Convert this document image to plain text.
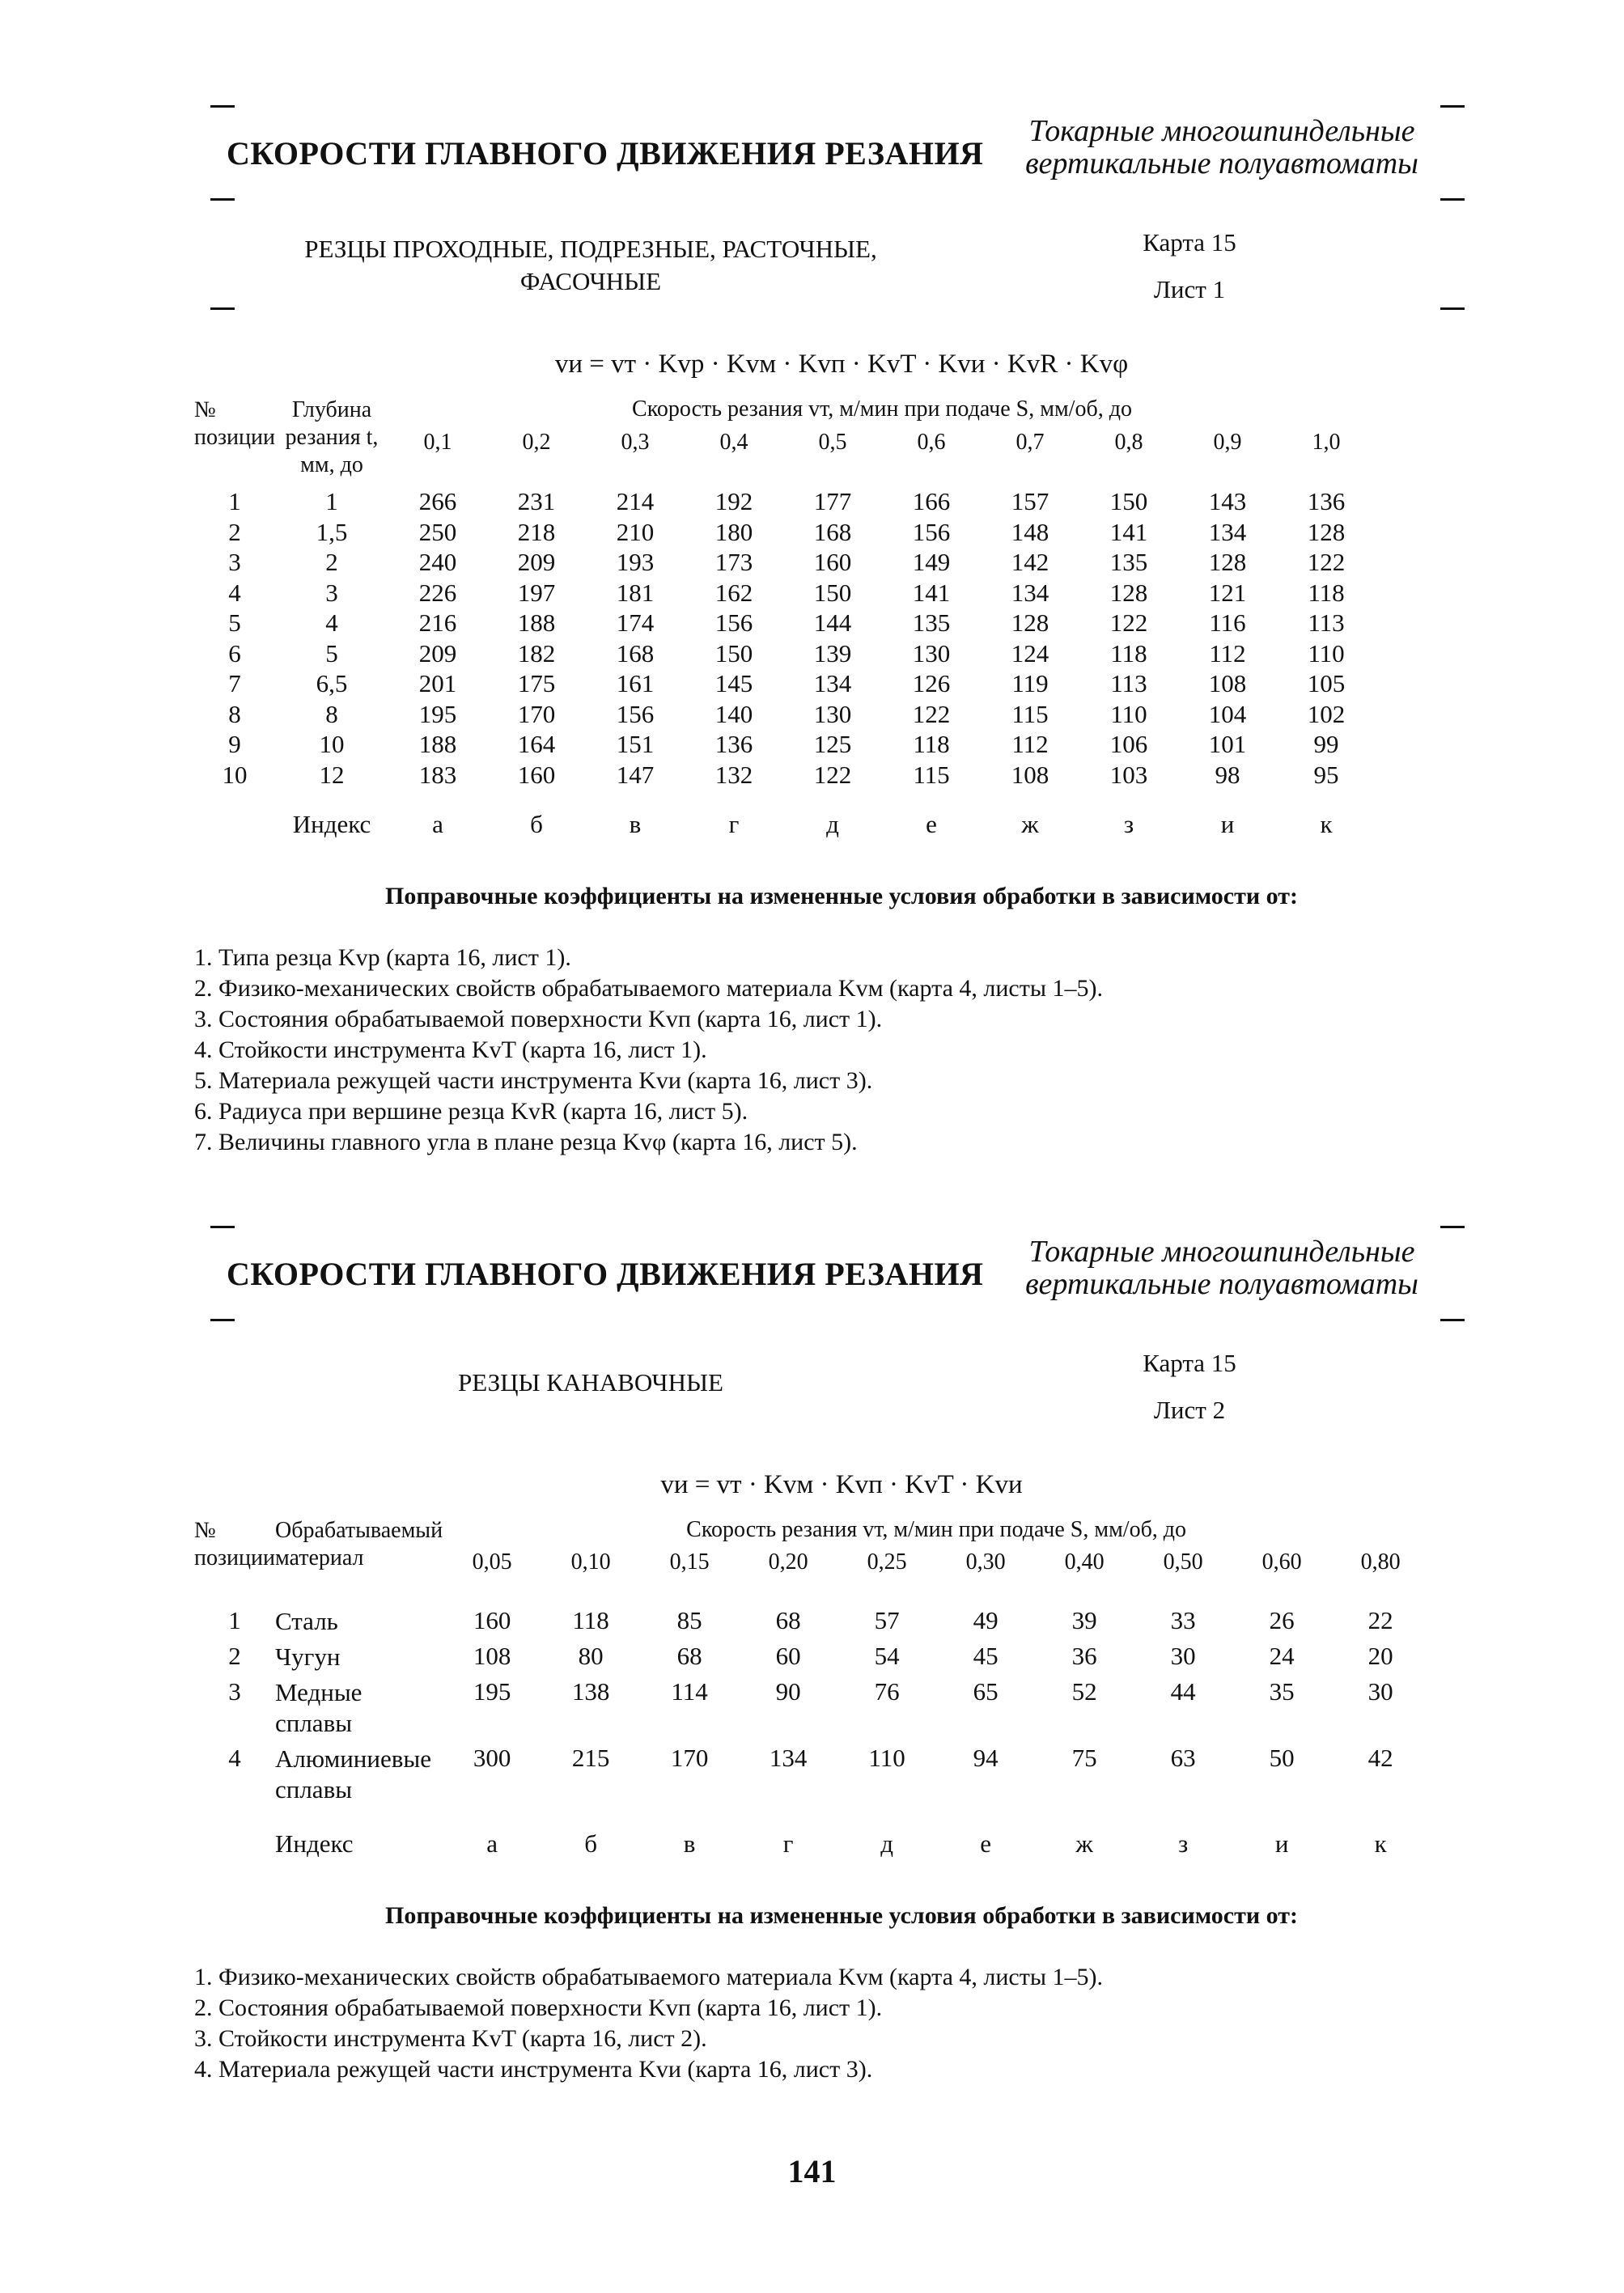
СКОРОСТИ ГЛАВНОГО ДВИЖЕНИЯ РЕЗАНИЯ
Токарные многошпиндельные вертикальные полуавтоматы
РЕЗЦЫ ПРОХОДНЫЕ, ПОДРЕЗНЫЕ, РАСТОЧНЫЕ, ФАСОЧНЫЕ
Карта 15
Лист 1
vи = vт · Kvp · Kvм · Kvп · KvT · Kvи · KvR · Kvφ
№ позиции	Глубина резания t, мм, до	Скорость резания vт, м/мин при подаче S, мм/об, до									
		0,1	0,2	0,3	0,4	0,5	0,6	0,7	0,8	0,9	1,0
1	1	266	231	214	192	177	166	157	150	143	136
2	1,5	250	218	210	180	168	156	148	141	134	128
3	2	240	209	193	173	160	149	142	135	128	122
4	3	226	197	181	162	150	141	134	128	121	118
5	4	216	188	174	156	144	135	128	122	116	113
6	5	209	182	168	150	139	130	124	118	112	110
7	6,5	201	175	161	145	134	126	119	113	108	105
8	8	195	170	156	140	130	122	115	110	104	102
9	10	188	164	151	136	125	118	112	106	101	99
10	12	183	160	147	132	122	115	108	103	98	95
	Индекс	а	б	в	г	д	е	ж	з	и	к
Поправочные коэффициенты на измененные условия обработки в зависимости от:
1. Типа резца Kvp (карта 16, лист 1).
2. Физико-механических свойств обрабатываемого материала Kvм (карта 4, листы 1–5).
3. Состояния обрабатываемой поверхности Kvп (карта 16, лист 1).
4. Стойкости инструмента KvT (карта 16, лист 1).
5. Материала режущей части инструмента Kvи (карта 16, лист 3).
6. Радиуса при вершине резца KvR (карта 16, лист 5).
7. Величины главного угла в плане резца Kvφ (карта 16, лист 5).
СКОРОСТИ ГЛАВНОГО ДВИЖЕНИЯ РЕЗАНИЯ
Токарные многошпиндельные вертикальные полуавтоматы
РЕЗЦЫ КАНАВОЧНЫЕ
Карта 15
Лист 2
vи = vт · Kvм · Kvп · KvT · Kvи
№ позиции	Обрабатываемый материал	Скорость резания vт, м/мин при подаче S, мм/об, до									
		0,05	0,10	0,15	0,20	0,25	0,30	0,40	0,50	0,60	0,80
1	Сталь	160	118	85	68	57	49	39	33	26	22
2	Чугун	108	80	68	60	54	45	36	30	24	20
3	Медные сплавы	195	138	114	90	76	65	52	44	35	30
4	Алюминиевые сплавы	300	215	170	134	110	94	75	63	50	42
	Индекс	а	б	в	г	д	е	ж	з	и	к
Поправочные коэффициенты на измененные условия обработки в зависимости от:
1. Физико-механических свойств обрабатываемого материала Kvм (карта 4, листы 1–5).
2. Состояния обрабатываемой поверхности Kvп (карта 16, лист 1).
3. Стойкости инструмента KvT (карта 16, лист 2).
4. Материала режущей части инструмента Kvи (карта 16, лист 3).
141
